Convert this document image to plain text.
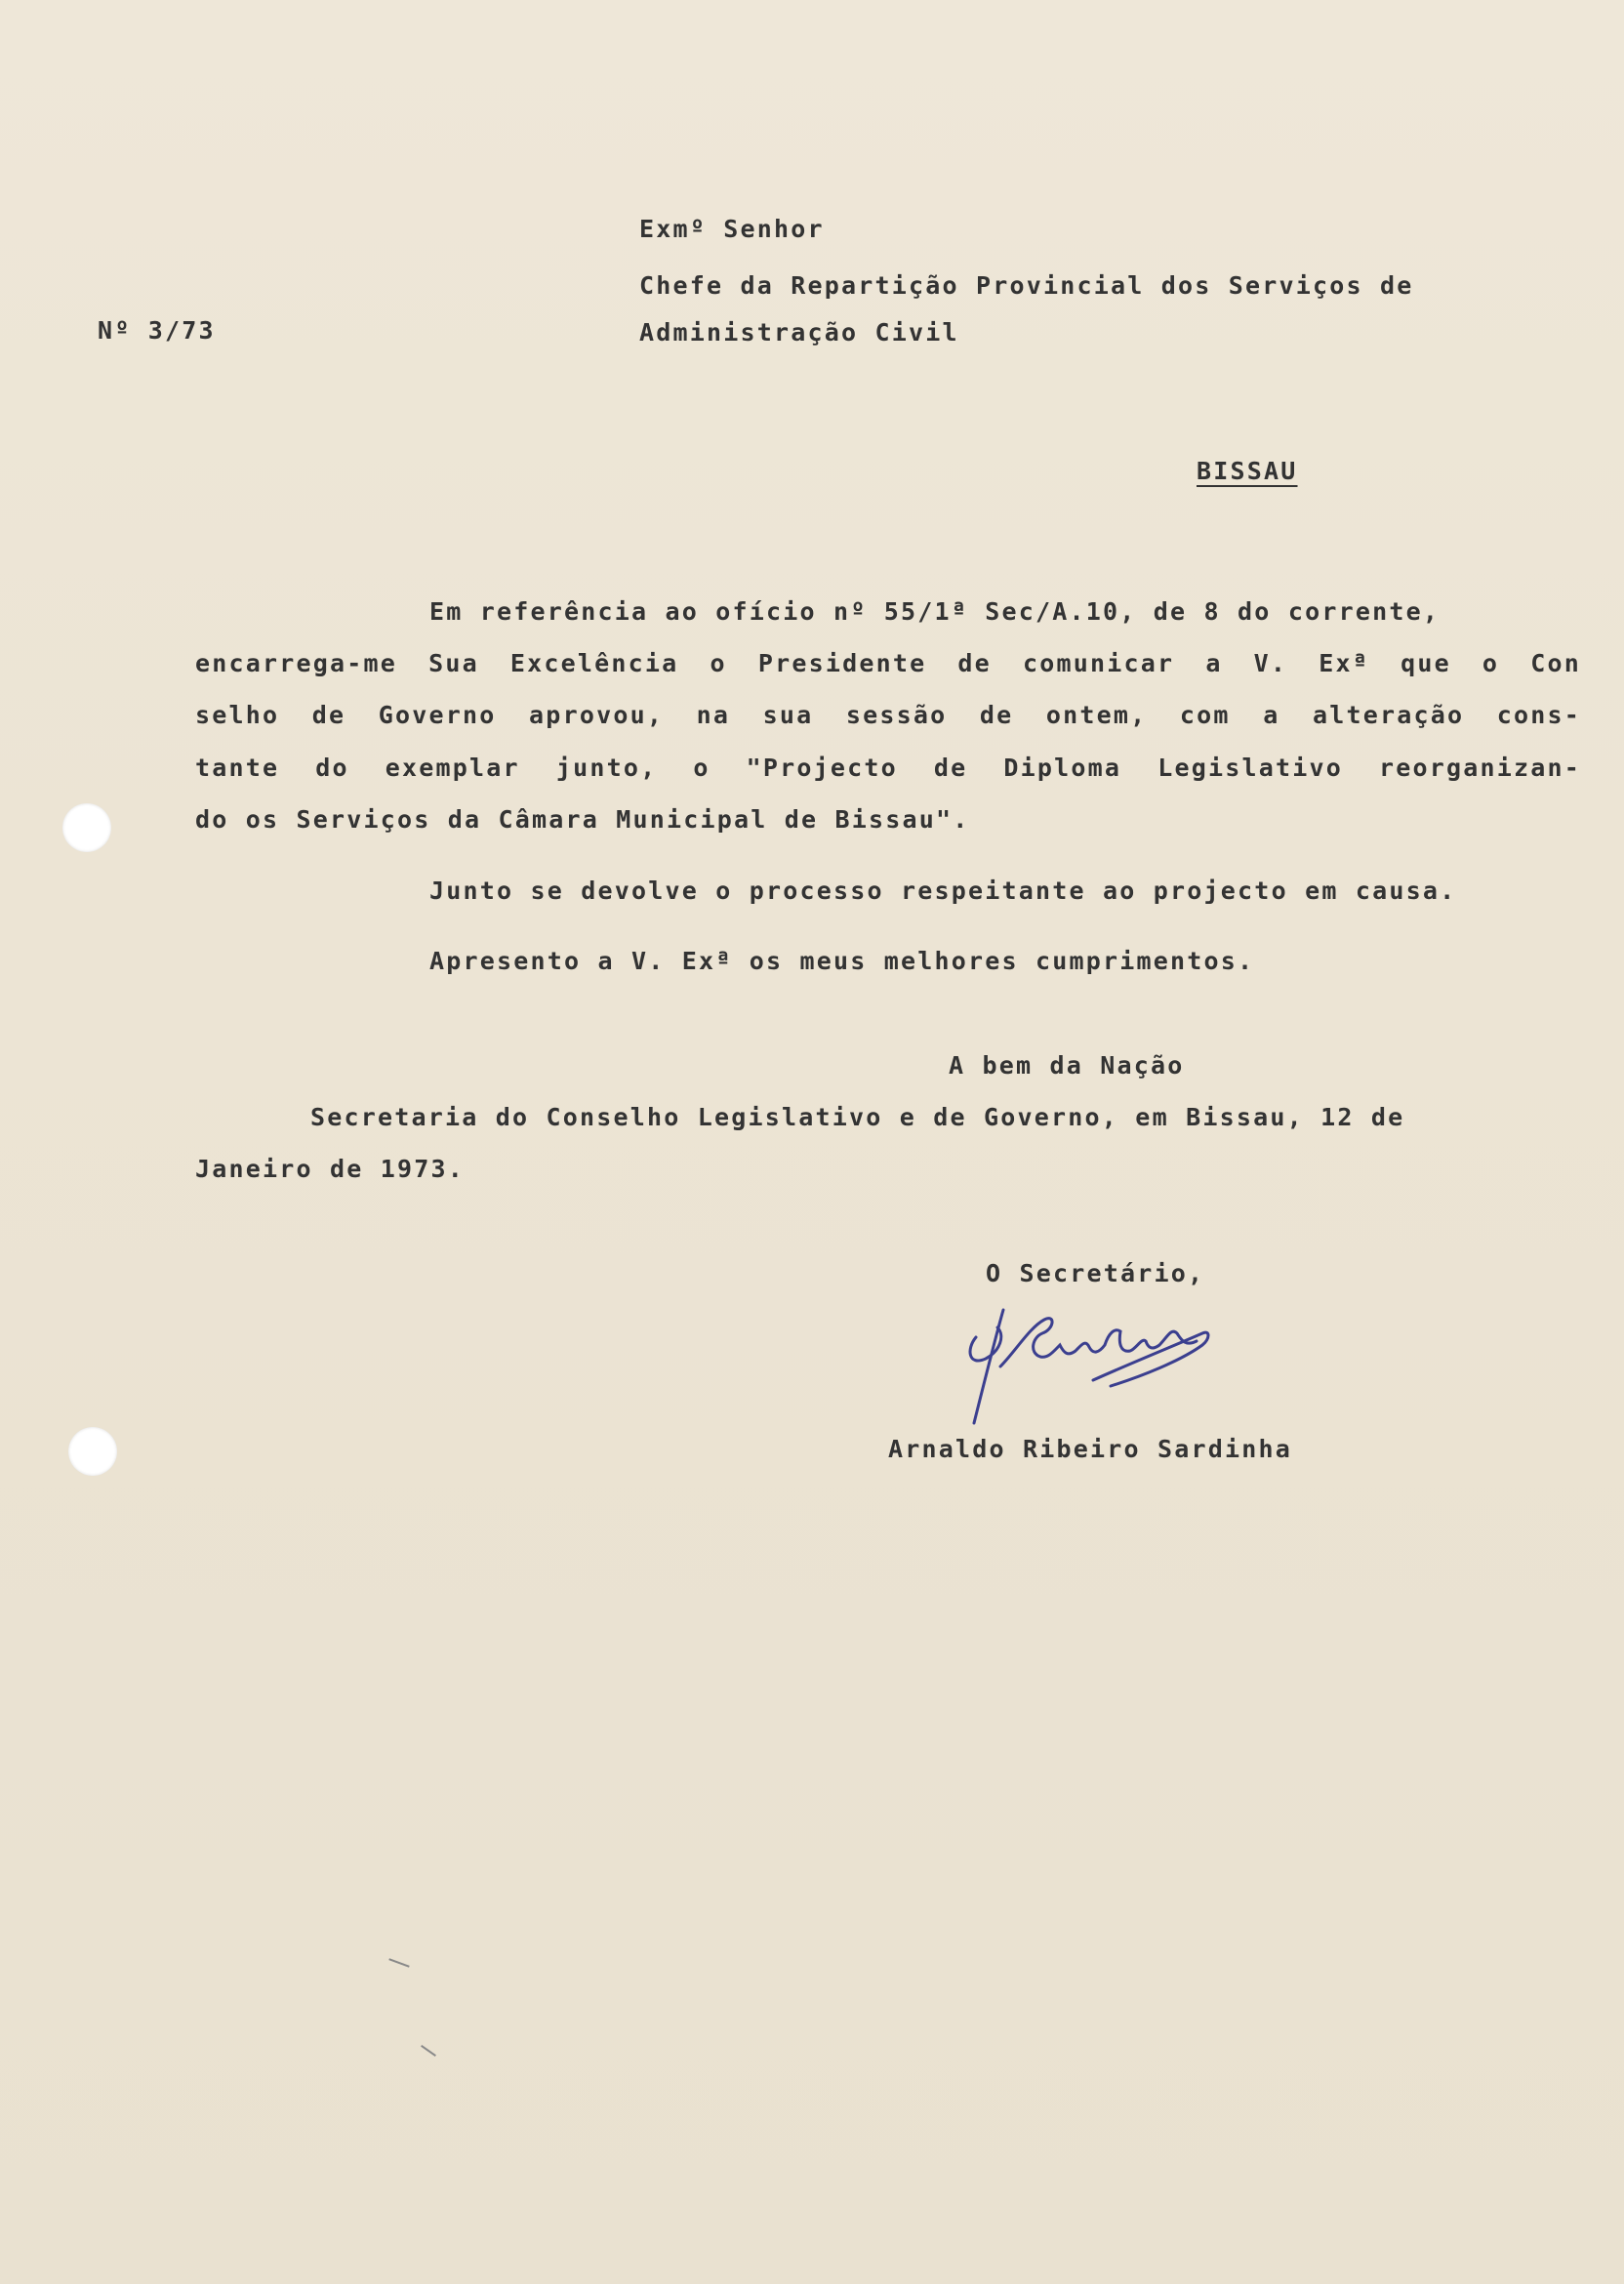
Nº 3/73
Exmº Senhor
Chefe da Repartição Provincial dos Serviços de
Administração Civil
BISSAU
Em referência ao ofício nº 55/1ª Sec/A.10, de 8 do corrente,
encarrega-me Sua Excelência o Presidente de comunicar a V. Exª que o Con
selho de Governo aprovou, na sua sessão de ontem, com a alteração cons-
tante do exemplar junto, o "Projecto de Diploma Legislativo reorganizan-
do os Serviços da Câmara Municipal de Bissau".
Junto se devolve o processo respeitante ao projecto em causa.
Apresento a V. Exª os meus melhores cumprimentos.
A bem da Nação
Secretaria do Conselho Legislativo e de Governo, em Bissau, 12 de
Janeiro de 1973.
O Secretário,
Arnaldo Ribeiro Sardinha
